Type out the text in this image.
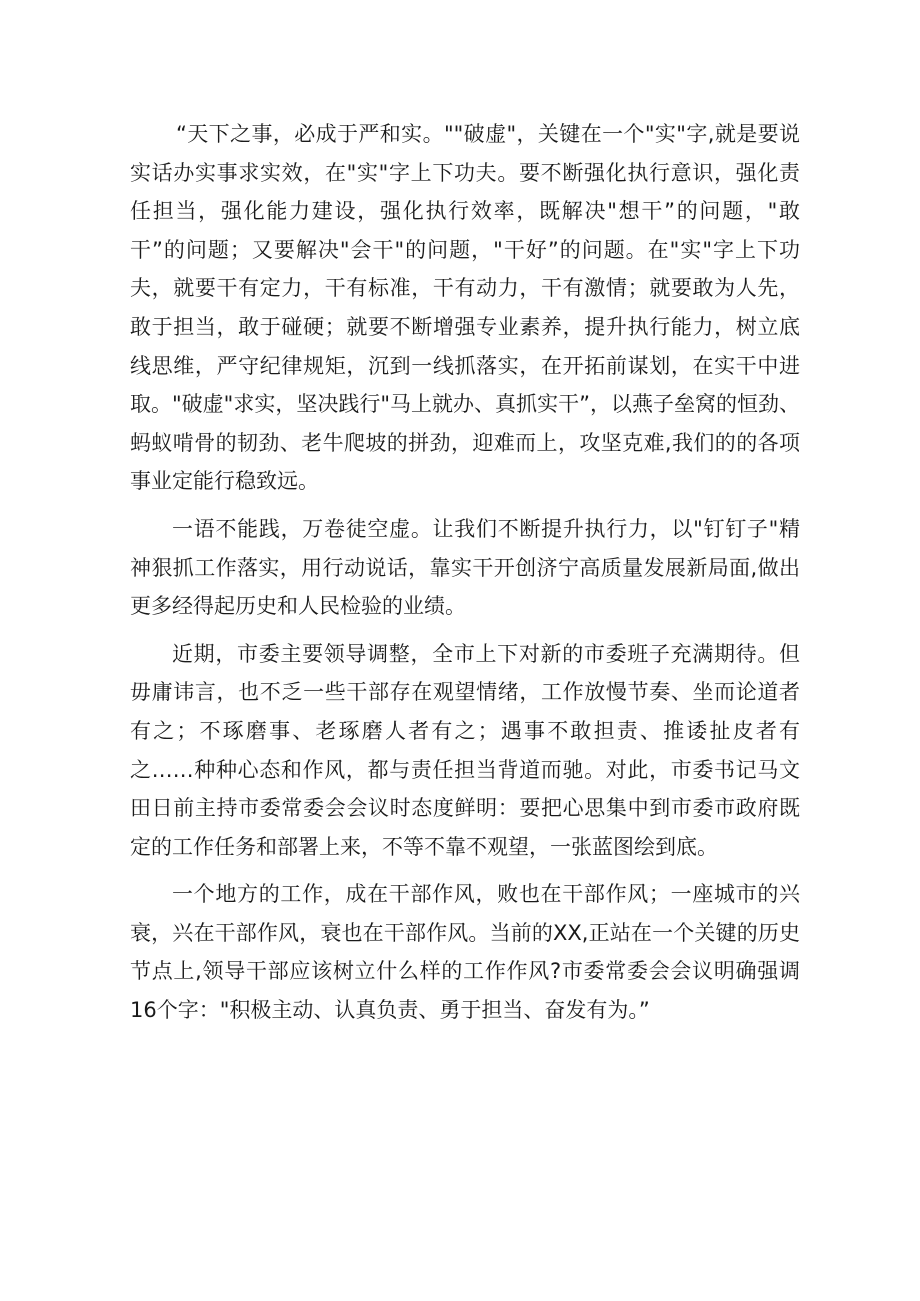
“天下之事，必成于严和实。""破虚"，关键在一个"实"字,就是要说实话办实事求实效，在"实"字上下功夫。要不断强化执行意识，强化责任担当，强化能力建设，强化执行效率，既解决"想干”的问题，"敢干”的问题；又要解决"会干"的问题，"干好”的问题。在"实"字上下功夫，就要干有定力，干有标准，干有动力，干有激情；就要敢为人先，敢于担当，敢于碰硬；就要不断增强专业素养，提升执行能力，树立底线思维，严守纪律规矩，沉到一线抓落实，在开拓前谋划，在实干中进取。"破虚"求实，坚决践行"马上就办、真抓实干”，以燕子垒窝的恒劲、蚂蚁啃骨的韧劲、老牛爬坡的拼劲，迎难而上，攻坚克难,我们的的各项事业定能行稳致远。

一语不能践，万卷徒空虚。让我们不断提升执行力，以"钉钉子"精神狠抓工作落实，用行动说话，靠实干开创济宁高质量发展新局面,做出更多经得起历史和人民检验的业绩。

近期，市委主要领导调整，全市上下对新的市委班子充满期待。但毋庸讳言，也不乏一些干部存在观望情绪，工作放慢节奏、坐而论道者有之；不琢磨事、老琢磨人者有之；遇事不敢担责、推诿扯皮者有之……种种心态和作风，都与责任担当背道而驰。对此，市委书记马文田日前主持市委常委会会议时态度鲜明：要把心思集中到市委市政府既定的工作任务和部署上来，不等不靠不观望，一张蓝图绘到底。

一个地方的工作，成在干部作风，败也在干部作风；一座城市的兴衰，兴在干部作风，衰也在干部作风。当前的XX,正站在一个关键的历史节点上,领导干部应该树立什么样的工作作风?市委常委会会议明确强调16个字："积极主动、认真负责、勇于担当、奋发有为。”
